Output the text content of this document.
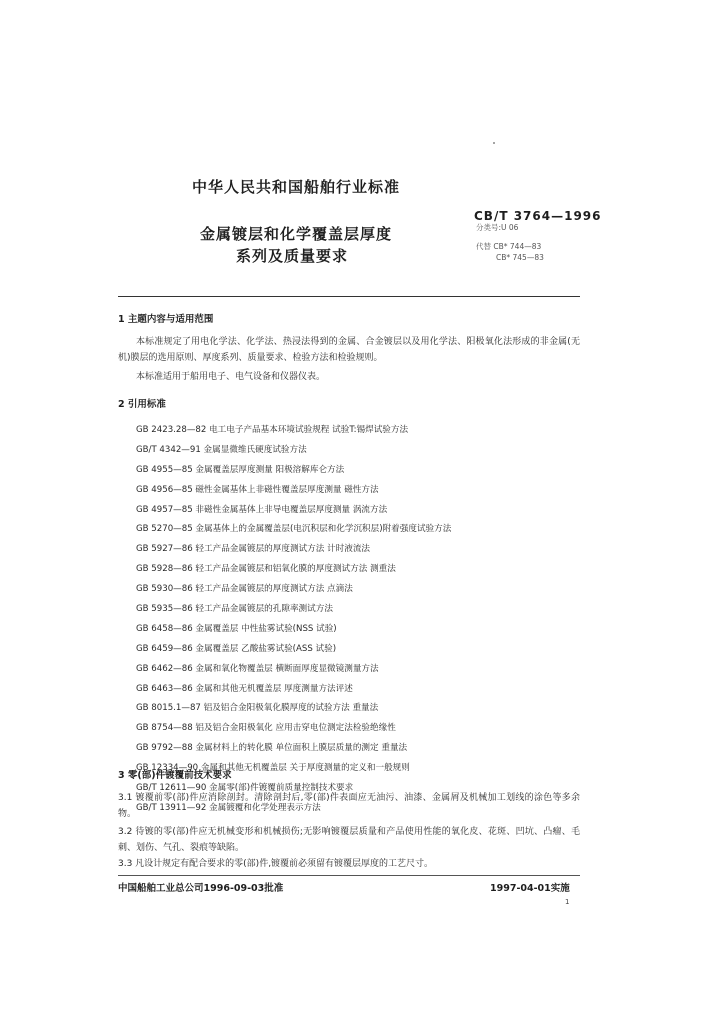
中华人民共和国船舶行业标准
金属镀层和化学覆盖层厚度
系列及质量要求
CB/T 3764—1996
分类号:U 06
代替 CB* 744—83
CB* 745—83
1 主题内容与适用范围
本标准规定了用电化学法、化学法、热浸法得到的金属、合金镀层以及用化学法、阳极氧化法形成的非金属(无机)膜层的选用原则、厚度系列、质量要求、检验方法和检验规则。
本标准适用于船用电子、电气设备和仪器仪表。
2 引用标准
GB 2423.28—82 电工电子产品基本环境试验规程 试验T:锡焊试验方法
GB/T 4342—91 金属显微维氏硬度试验方法
GB 4955—85 金属覆盖层厚度测量 阳极溶解库仑方法
GB 4956—85 磁性金属基体上非磁性覆盖层厚度测量 磁性方法
GB 4957—85 非磁性金属基体上非导电覆盖层厚度测量 涡流方法
GB 5270—85 金属基体上的金属覆盖层(电沉积层和化学沉积层)附着强度试验方法
GB 5927—86 轻工产品金属镀层的厚度测试方法 计时液流法
GB 5928—86 轻工产品金属镀层和铝氧化膜的厚度测试方法 测重法
GB 5930—86 轻工产品金属镀层的厚度测试方法 点滴法
GB 5935—86 轻工产品金属镀层的孔隙率测试方法
GB 6458—86 金属覆盖层 中性盐雾试验(NSS 试验)
GB 6459—86 金属覆盖层 乙酸盐雾试验(ASS 试验)
GB 6462—86 金属和氧化物覆盖层 横断面厚度显微镜测量方法
GB 6463—86 金属和其他无机覆盖层 厚度测量方法评述
GB 8015.1—87 铝及铝合金阳极氧化膜厚度的试验方法 重量法
GB 8754—88 铝及铝合金阳极氧化 应用击穿电位测定法检验绝缘性
GB 9792—88 金属材料上的转化膜 单位面积上膜层质量的测定 重量法
GB 12334—90 金属和其他无机覆盖层 关于厚度测量的定义和一般规则
GB/T 12611—90 金属零(部)件镀覆前质量控制技术要求
GB/T 13911—92 金属镀覆和化学处理表示方法
3 零(部)件镀覆前技术要求
3.1 镀覆前零(部)件应消除剖封。清除剖封后,零(部)件表面应无油污、油漆、金属屑及机械加工划线的涂色等多余物。
3.2 待镀的零(部)件应无机械变形和机械损伤;无影响镀覆层质量和产品使用性能的氧化皮、花斑、凹坑、凸瘤、毛刺、划伤、气孔、裂痕等缺陷。
3.3 凡设计规定有配合要求的零(部)件,镀覆前必须留有镀覆层厚度的工艺尺寸。
中国船舶工业总公司1996-09-03批准	1997-04-01实施
1
